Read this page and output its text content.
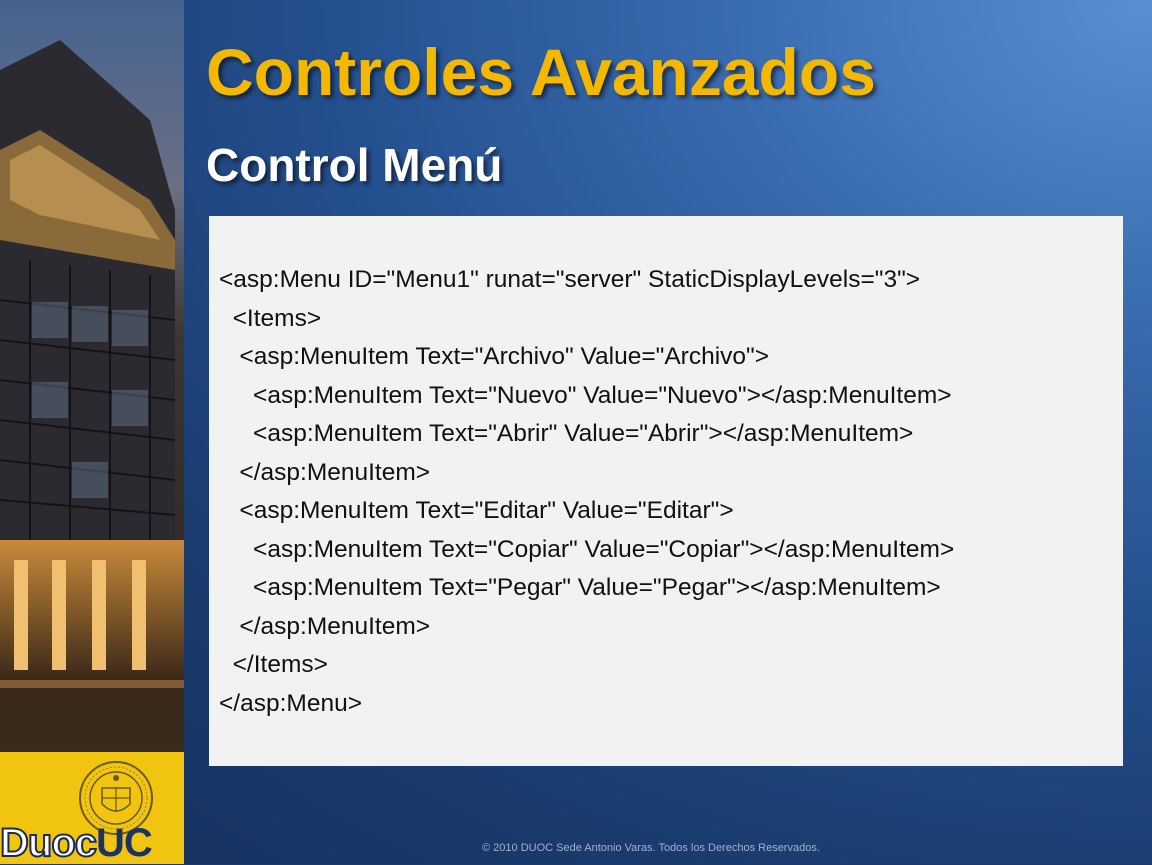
DuocUC
Controles Avanzados
Control Menú
<asp:Menu ID="Menu1" runat="server" StaticDisplayLevels="3">
<Items>
<asp:MenuItem Text="Archivo" Value="Archivo">
<asp:MenuItem Text="Nuevo" Value="Nuevo"></asp:MenuItem>
<asp:MenuItem Text="Abrir" Value="Abrir"></asp:MenuItem>
</asp:MenuItem>
<asp:MenuItem Text="Editar" Value="Editar">
<asp:MenuItem Text="Copiar" Value="Copiar"></asp:MenuItem>
<asp:MenuItem Text="Pegar" Value="Pegar"></asp:MenuItem>
</asp:MenuItem>
</Items>
</asp:Menu>
© 2010 DUOC Sede Antonio Varas. Todos los Derechos Reservados.
